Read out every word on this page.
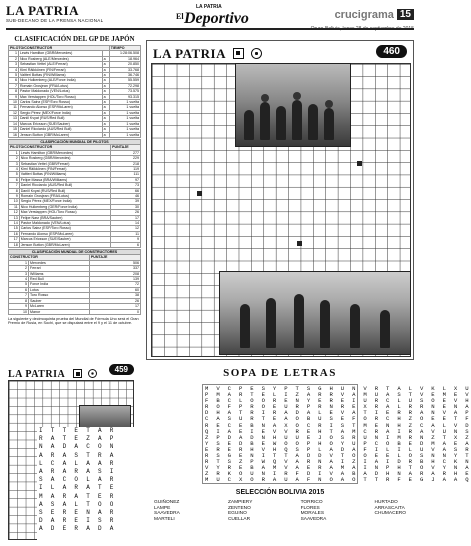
LA PATRIA
SUB-DECANO DE LA PRENSA NACIONAL	El
LA PATRIA
Deportivo	crucigrama 15
CLASIFICACIÓN DEL GP DE JAPÓN
PILOTO/CONSTRUCTOR			TIEMPO
1	Lewis Hamilton (GBR/Mercedes)		1:28:06.508
2	Nico Rosberg (ALE/Mercedes)	a	18.964
3	Sebastian Vettel (ALE/Ferrari)	a	20.850
4	Kimi Räikkönen (FIN/Ferrari)	a	33.768
5	Valtteri Bottas (FIN/Williams)	a	36.746
6	Nico Hulkenberg (ALE/Force India)	a	55.559
7	Romain Grosjean (FRA/Lotus)	a	72.298
8	Pastor Maldonado (VEN/Lotus)	a	73.575
9	Max Verstappen (HOL/Toro Rosso)	a	93.315
10	Carlos Sainz (ESP/Toro Rosso)	a	1 vuelta
11	Fernando Alonso (ESP/McLaren)	a	1 vuelta
12	Sergio Pérez (MEX/Force India)	a	1 vuelta
13	Daniil Kvyat (RUS/Red Bull)	a	1 vuelta
14	Marcus Ericsson (SUE/Sauber)	a	1 vuelta
15	Daniel Ricciardo (AUS/Red Bull)	a	1 vuelta
16	Jenson Button (GBR/McLaren)	a	1 vuelta
CLASIFICACIÓN MUNDIAL DE PILOTOS		
PILOTO/CONSTRUCTOR		PUNTAJE
1	Lewis Hamilton (GBR/Mercedes)	277
2	Nico Rosberg (GBR/Mercedes)	229
3	Sebastian Vettel (GBR/Ferrari)	218
4	Kimi Räikkönen (FIN/Ferrari)	119
5	Valtteri Bottas (FIN/Williams)	111
6	Felipe Massa (BRA/Williams)	97
7	Daniel Ricciardo (AUS/Red Bull)	73
8	Daniil Kvyat (RUS/Red Bull)	66
9	Romain Grosjean (FRA/Lotus)	46
10	Sergio Pérez (MEX/Force India)	39
11	Nico Hulkenberg (GER/Force India)	30
12	Max Verstappen (HOL/Toro Rosso)	26
13	Felipe Nasr (BRA/Sauber)	17
14	Pastor Maldonado (VEN/Lotus)	14
15	Carlos Sainz (ESP/Toro Rosso)	12
16	Fernando Alonso (ESP/McLaren)	11
17	Marcus Ericsson (SUE/Sauber)	9
18	Jenson Button (GBR/McLaren)	6
CLASIFICACIÓN MUNDIAL DE CONSTRUCTORES		
CONSTRUCTOR		PUNTAJE
1	Mercedes	506
2	Ferrari	337
3	Williams	208
4	Red Bull	139
5	Force India	72
6	Lotus	60
7	Toro Rosso	38
8	Sauber	26
9	McLaren	17
10	Manor	0
La siguiente y decimoquinta prueba del Mundial de Fórmula Uno será el Gran Premio de Rusia, en Sochi, que se disputará entre el 9 y el 11 de octubre.
LA PATRIA	460
LA PATRIA	459
I T T E T A R
R A T E Z A P
N A D A C O N
A R A S T R A
L C A L A A R
A R A R A S I
S A C O L A R
I L A R A T E
M A R A T E R
A S A L T O O
S E R E N A R
D A R E I S R
A D E R A D A
SOPA DE LETRAS
M V C P E S Y P T S G H U N V R T A L V K L X U
P M A R T E L I Z A R R V A M U A S T V E M E V
F B C L O O R E N Y E R E I U R C L U S O E V H
R O F P R O E U R P R N R E X R A L R R N E N A
D H A T R I R A D A L E V A T I E R R A N V A P
C A S U R T E A O B U S E F O R C H Z O E E T F
R E C E B N A X O C R I S T M E N H Z C A L V D
Q I A E I E V V R E H T A M C R A I R A V U N S
Z P D A D N H U U E J O S R U N I M R N Z T X Z
Y S E D B E W O O P H O Y U P C O B E D M A E A
E R E R H V H Q S P L A D A F I L I L U V A S R
R S G E N I T T A D D V T O O E E L O S N N Y T
R T S Z P W Q V A R N A I Z I A I D R B H C K N
V Y R E B A M V A E R A M A I N P H T O V Y N A
Z R K O U N I R F D I V A B A D H N A R A R H E
M U C X O R A U A F N O A O T T R F E G J A A Q
SELECCIÓN BOLIVIA 2015
GUIÑONEZ
LAMPE
SAAVEDRA
MARTELI
ZAMPIERY
ZENTENO
EGUINO
CUELLAR
TORRICO
FLORES
MORALES
SAAVEDRA
HURTADO
ARRASCAITA
CHUMACERO
